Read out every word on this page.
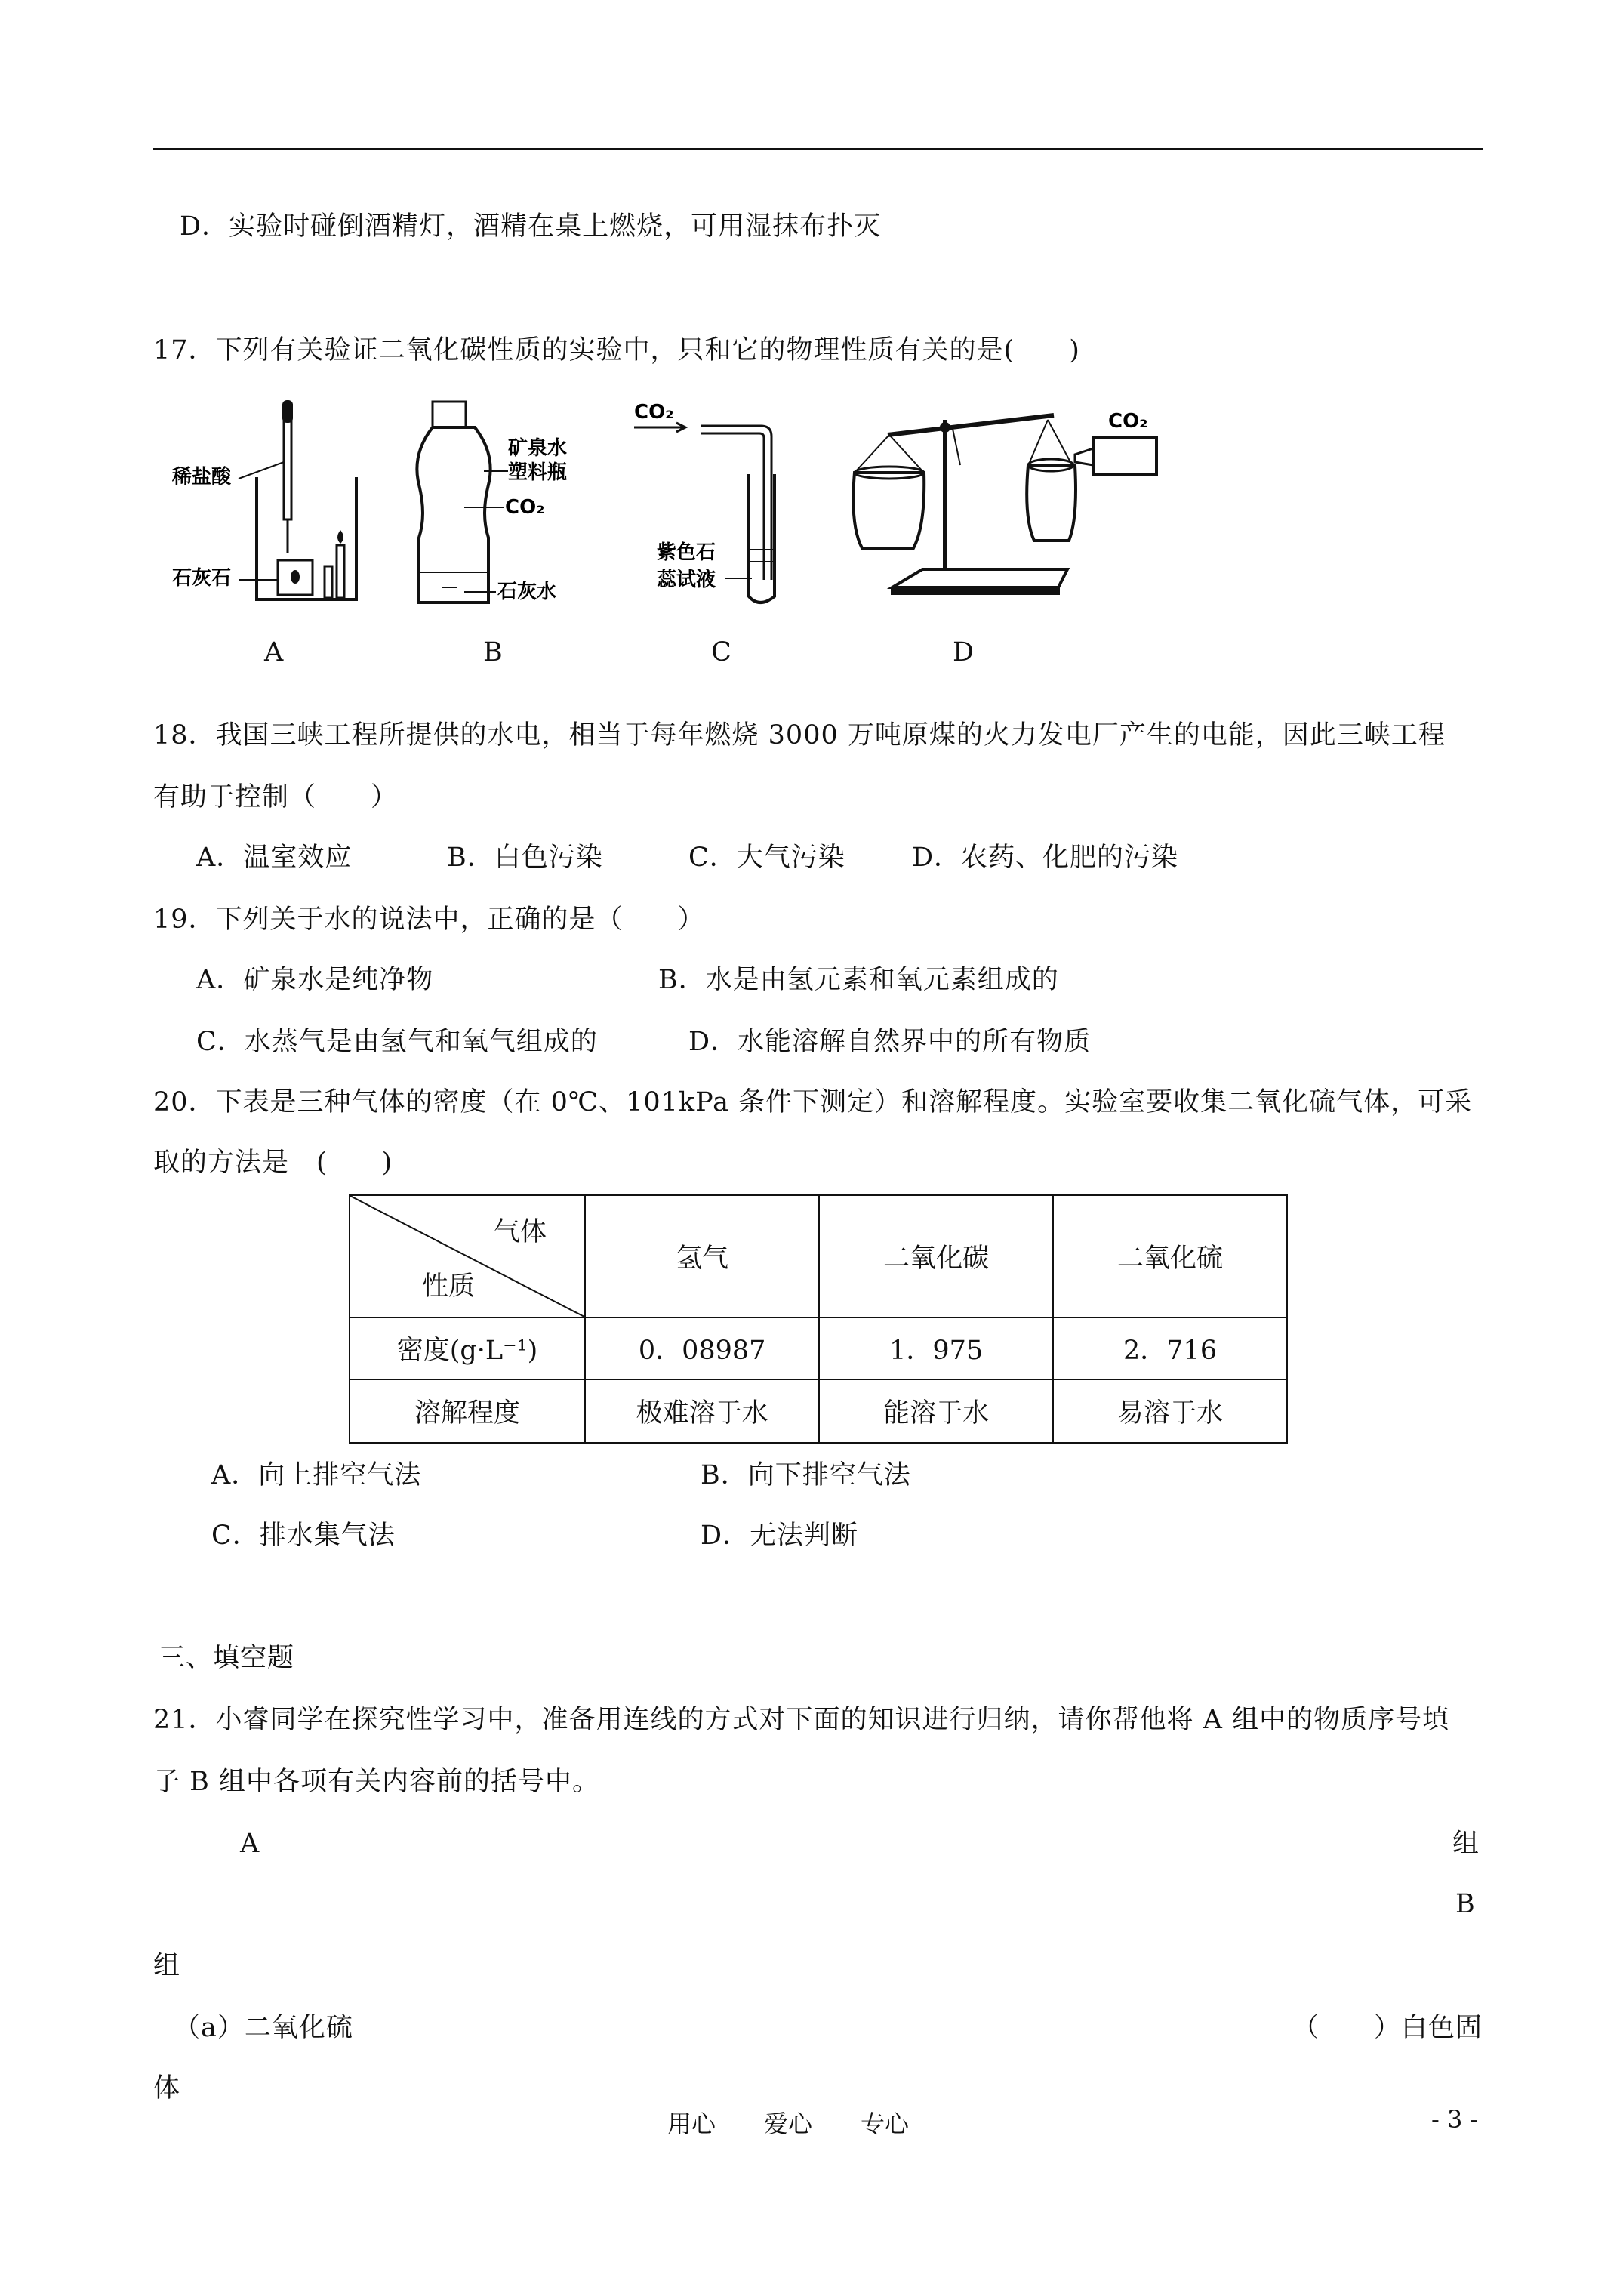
D．实验时碰倒酒精灯，酒精在桌上燃烧，可用湿抹布扑灭
17．下列有关验证二氧化碳性质的实验中，只和它的物理性质有关的是(　　)
稀盐酸
石灰石
A
矿泉水
塑料瓶
CO₂
石灰水
B
CO₂
紫色石
蕊试液
C
CO₂
D
18．我国三峡工程所提供的水电，相当于每年燃烧 3000 万吨原煤的火力发电厂产生的电能，因此三峡工程
有助于控制（　　）
A．温室效应	B．白色污染	C．大气污染	D．农药、化肥的污染
19．下列关于水的说法中，正确的是（　　）
A．矿泉水是纯净物	B．水是由氢元素和氧元素组成的
C．水蒸气是由氢气和氧气组成的	D．水能溶解自然界中的所有物质
20．下表是三种气体的密度（在 0℃、101kPa 条件下测定）和溶解程度。实验室要收集二氧化硫气体，可采
取的方法是　(　　)
气体
性质	氢气	二氧化碳	二氧化硫
密度(g·L⁻¹)	0．08987	1．975	2．716
溶解程度	极难溶于水	能溶于水	易溶于水
A．向上排空气法	B．向下排空气法
C．排水集气法	D．无法判断
三、填空题
21．小睿同学在探究性学习中，准备用连线的方式对下面的知识进行归纳，请你帮他将 A 组中的物质序号填
子 B 组中各项有关内容前的括号中。
A	组
B
组
（a）二氧化硫	（　　）白色固
体
用心　　爱心　　专心	- 3 -
